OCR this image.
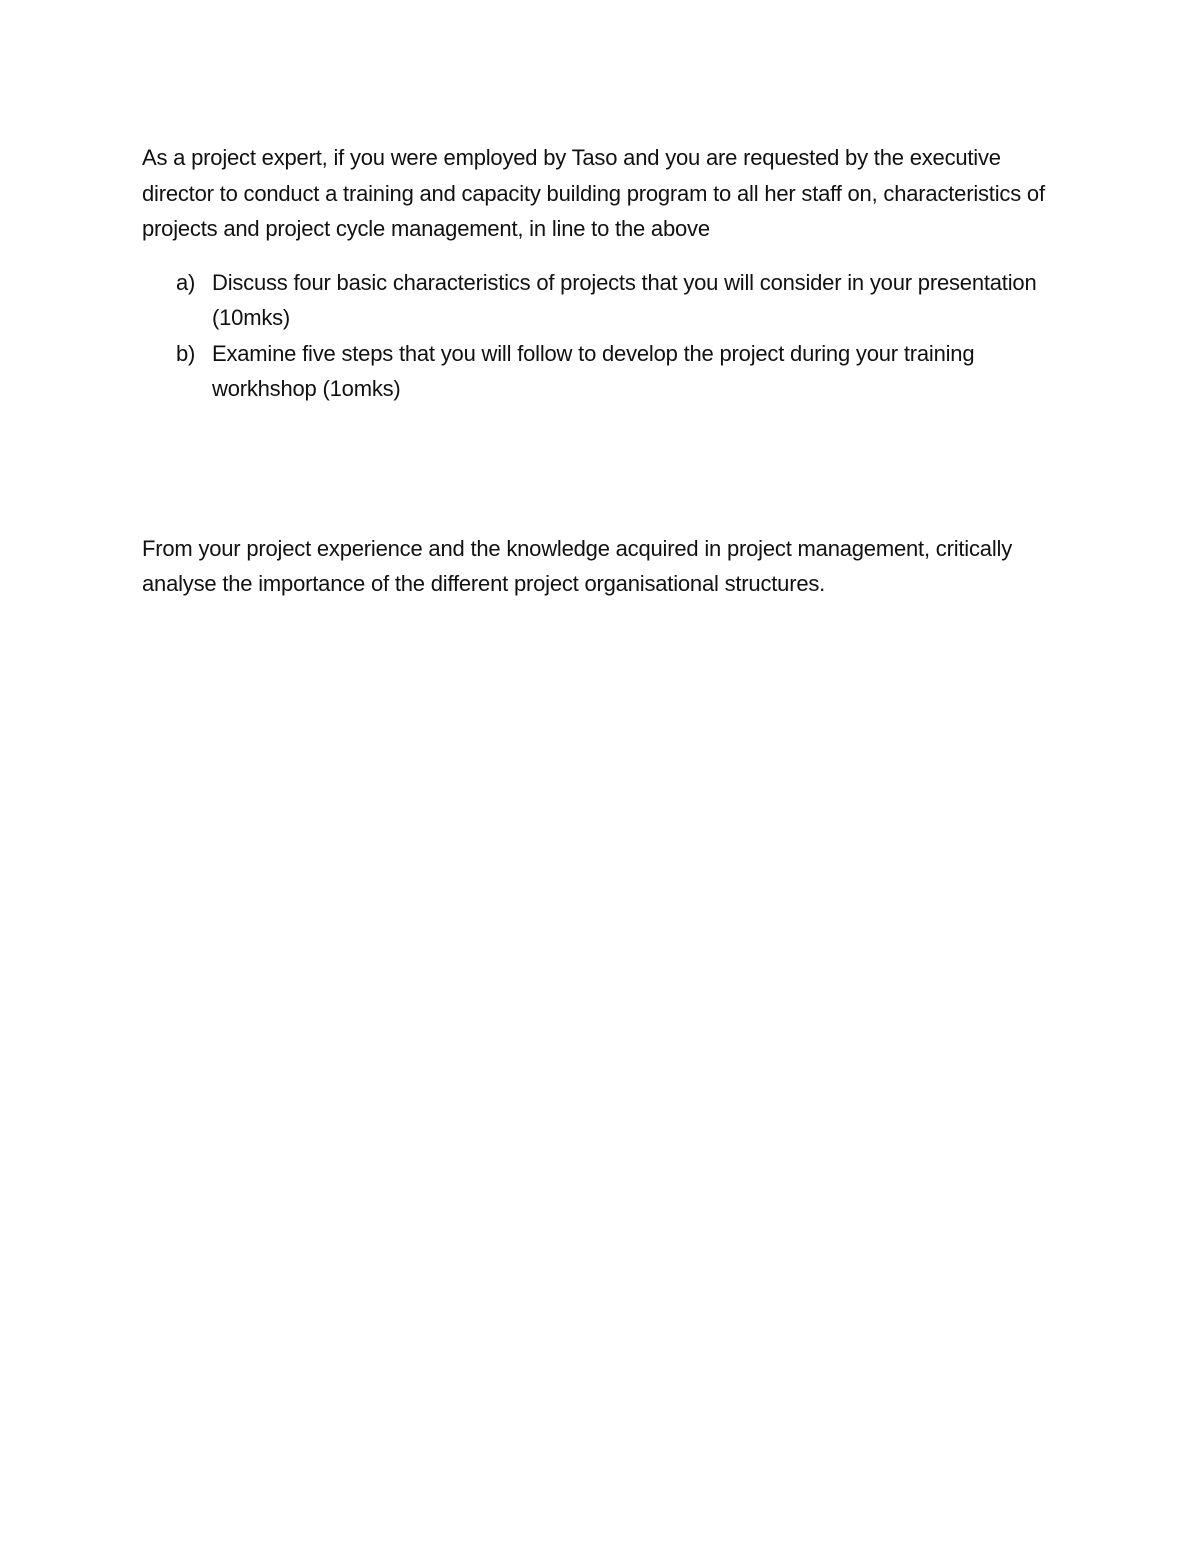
As a project expert, if you were employed by Taso and you are requested by the executive director to conduct a training and capacity building program to all her staff on, characteristics of projects and project cycle management, in line to the above

a) Discuss four basic characteristics of projects that you will consider in your presentation (10mks)
b) Examine five steps that you will follow to develop the project during your training workhshop (1omks)

From your project experience and the knowledge acquired in project management, critically analyse the importance of the different project organisational structures.
